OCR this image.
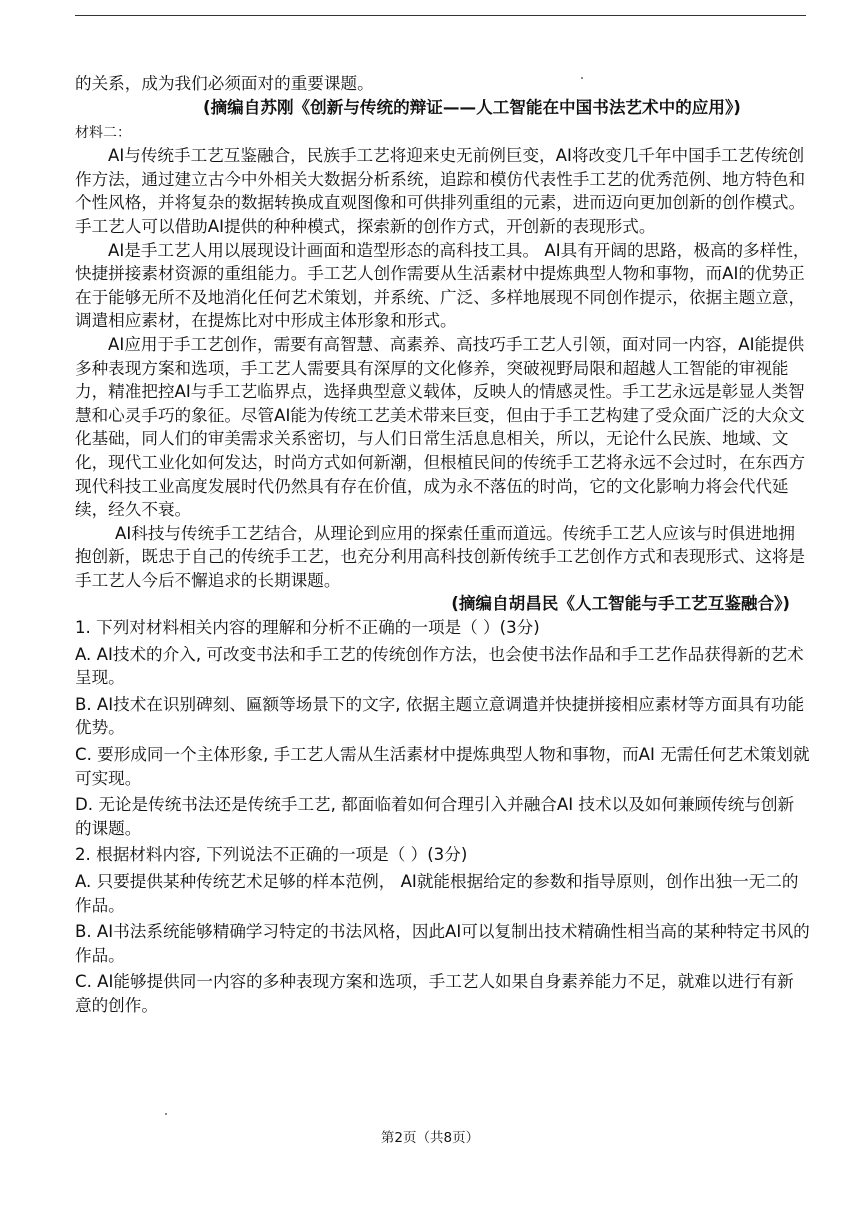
的关系，成为我们必须面对的重要课题。

(摘编自苏刚《创新与传统的辩证——人工智能在中国书法艺术中的应用》)

材料二：

AI与传统手工艺互鉴融合，民族手工艺将迎来史无前例巨变，AI将改变几千年中国手工艺传统创作方法，通过建立古今中外相关大数据分析系统，追踪和模仿代表性手工艺的优秀范例、地方特色和个性风格，并将复杂的数据转换成直观图像和可供排列重组的元素，进而迈向更加创新的创作模式。手工艺人可以借助AI提供的种种模式，探索新的创作方式，开创新的表现形式。

AI是手工艺人用以展现设计画面和造型形态的高科技工具。 AI具有开阔的思路，极高的多样性，快捷拼接素材资源的重组能力。手工艺人创作需要从生活素材中提炼典型人物和事物，而AI的优势正在于能够无所不及地消化任何艺术策划，并系统、广泛、多样地展现不同创作提示，依据主题立意，调遣相应素材，在提炼比对中形成主体形象和形式。

AI应用于手工艺创作，需要有高智慧、高素养、高技巧手工艺人引领，面对同一内容，AI能提供多种表现方案和选项，手工艺人需要具有深厚的文化修养，突破视野局限和超越人工智能的审视能力，精准把控AI与手工艺临界点，选择典型意义载体，反映人的情感灵性。手工艺永远是彰显人类智慧和心灵手巧的象征。尽管AI能为传统工艺美术带来巨变，但由于手工艺构建了受众面广泛的大众文化基础，同人们的审美需求关系密切，与人们日常生活息息相关，所以，无论什么民族、地域、文化，现代工业化如何发达，时尚方式如何新潮，但根植民间的传统手工艺将永远不会过时，在东西方现代科技工业高度发展时代仍然具有存在价值，成为永不落伍的时尚，它的文化影响力将会代代延续，经久不衰。

AI科技与传统手工艺结合，从理论到应用的探索任重而道远。传统手工艺人应该与时俱进地拥抱创新，既忠于自己的传统手工艺，也充分利用高科技创新传统手工艺创作方式和表现形式、这将是手工艺人今后不懈追求的长期课题。

(摘编自胡昌民《人工智能与手工艺互鉴融合》)

1. 下列对材料相关内容的理解和分析不正确的一项是（ ）(3分)

A. AI技术的介入, 可改变书法和手工艺的传统创作方法，也会使书法作品和手工艺作品获得新的艺术呈现。

B. AI技术在识别碑刻、匾额等场景下的文字, 依据主题立意调遣并快捷拼接相应素材等方面具有功能优势。

C. 要形成同一个主体形象, 手工艺人需从生活素材中提炼典型人物和事物，而AI 无需任何艺术策划就可实现。

D. 无论是传统书法还是传统手工艺, 都面临着如何合理引入并融合AI 技术以及如何兼顾传统与创新的课题。

2. 根据材料内容, 下列说法不正确的一项是（ ）(3分)

A. 只要提供某种传统艺术足够的样本范例， AI就能根据给定的参数和指导原则，创作出独一无二的作品。

B. AI书法系统能够精确学习特定的书法风格，因此AI可以复制出技术精确性相当高的某种特定书风的作品。

C. AI能够提供同一内容的多种表现方案和选项，手工艺人如果自身素养能力不足，就难以进行有新意的创作。

第2页（共8页）
